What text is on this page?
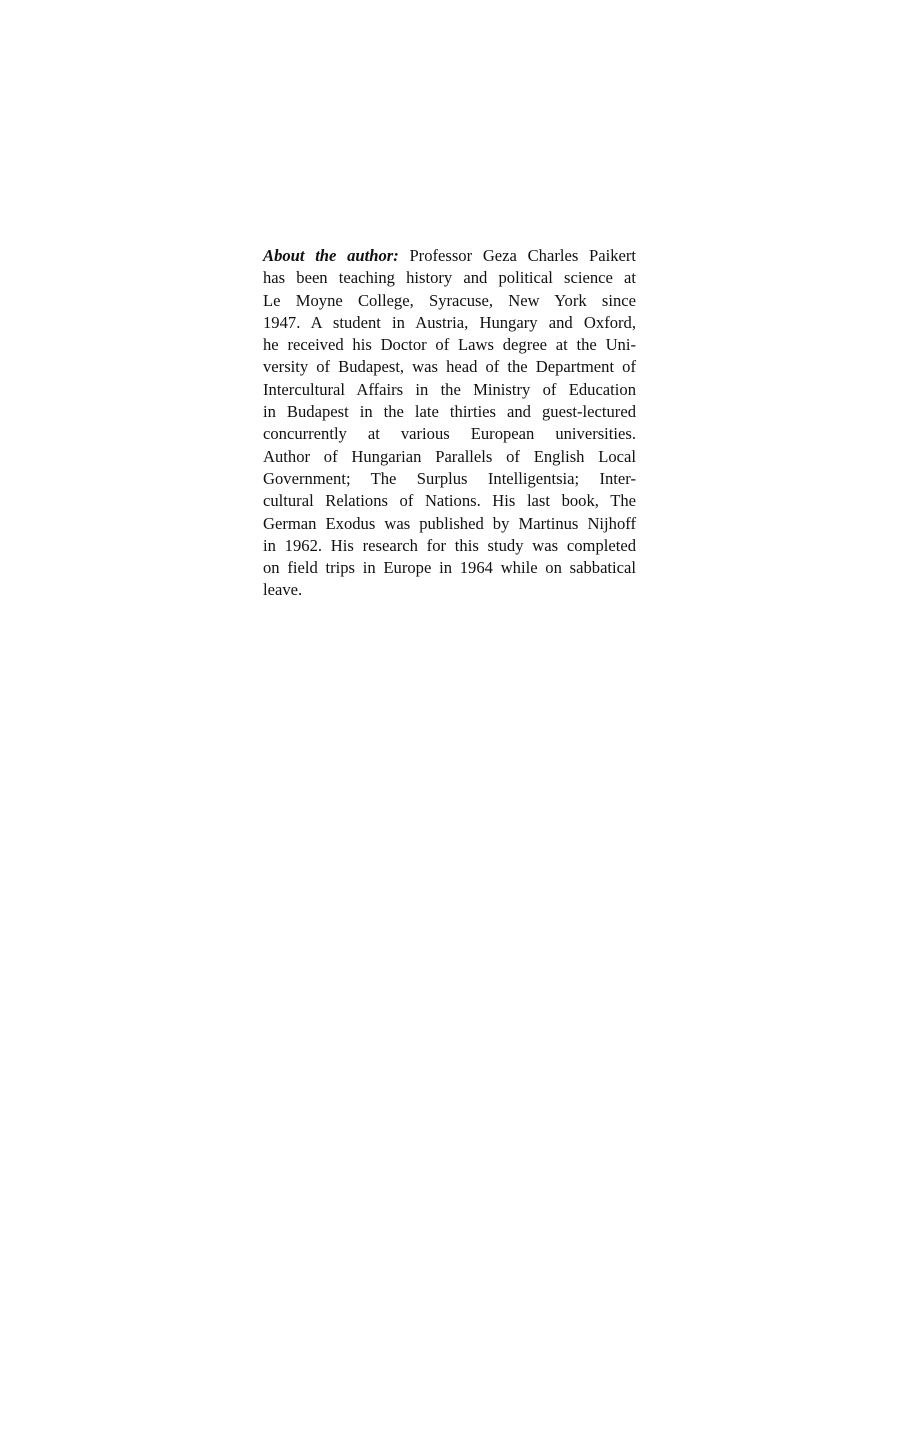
About the author: Professor Geza Charles Paikert
has been teaching history and political science at
Le Moyne College, Syracuse, New York since
1947. A student in Austria, Hungary and Oxford,
he received his Doctor of Laws degree at the Uni-
versity of Budapest, was head of the Department of
Intercultural Affairs in the Ministry of Education
in Budapest in the late thirties and guest-lectured
concurrently at various European universities.
Author of Hungarian Parallels of English Local
Government; The Surplus Intelligentsia; Inter-
cultural Relations of Nations. His last book, The
German Exodus was published by Martinus Nijhoff
in 1962. His research for this study was completed
on field trips in Europe in 1964 while on sabbatical
leave.
